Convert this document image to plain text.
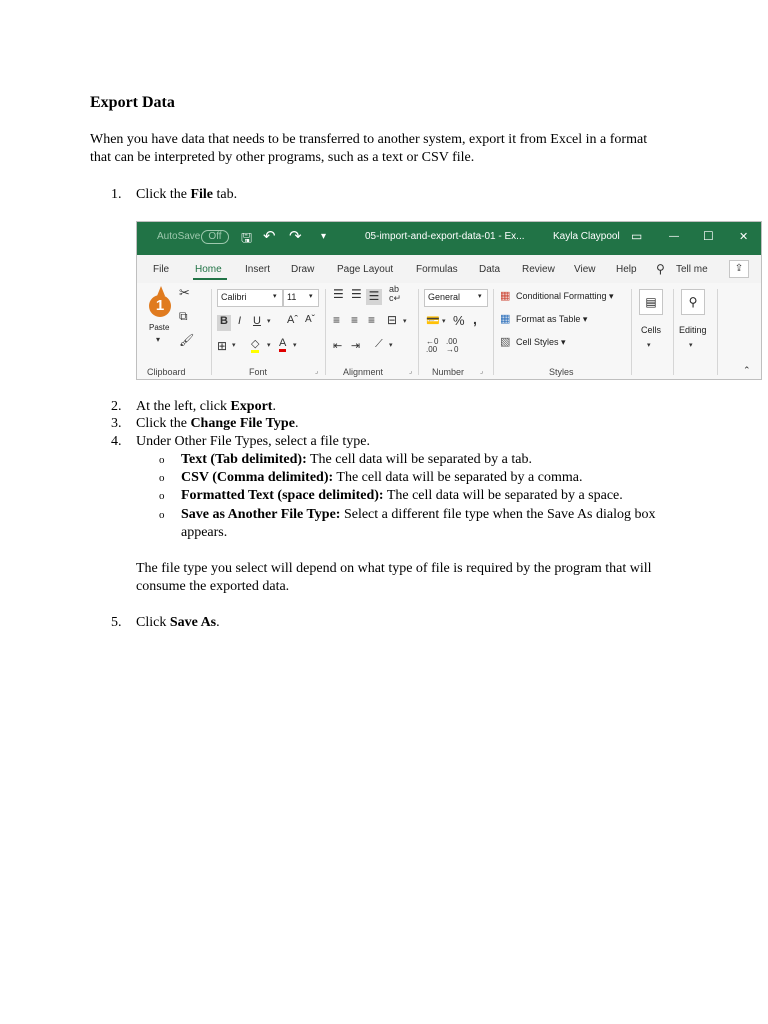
Export Data

When you have data that needs to be transferred to another system, export it from Excel in a format that can be interpreted by other programs, such as a text or CSV file.

1. Click the File tab.
AutoSave Off	🖫 ↶ ↷ ▾	05-import-and-export-data-01 - Ex...	Kayla Claypool ▭	— ☐ ✕
File	Home Insert Draw Page Layout Formulas Data Review View Help ⚲ Tell me	⇪
Paste
✂
⧉
🖌
▾
Clipboard
Calibri	▾ 11 ▾
B I U ▾ Aˆ Aˇ
⊞ ▾ ◇ ▾ A ▾
Font	⌟
☰ ☰ ☰ ab
c↵
≡ ≡ ≡ ⊟ ▾
⇤ ⇥ ⟋ ▾
Alignment	⌟
General	▾
💳 ▾ % ,
←0
.00
.00
→0
Number ⌟
▦ Conditional Formatting ▾
▦ Format as Table ▾
▧ Cell Styles ▾
Styles
▤
Cells
▾
⚲
Editing
▾
⌃
1
2. At the left, click Export.
3. Click the Change File Type.
4. Under Other File Types, select a file type.
o Text (Tab delimited): The cell data will be separated by a tab.
o CSV (Comma delimited): The cell data will be separated by a comma.
o Formatted Text (space delimited): The cell data will be separated by a space.
o Save as Another File Type: Select a different file type when the Save As dialog box appears.

The file type you select will depend on what type of file is required by the program that will consume the exported data.

5. Click Save As.
